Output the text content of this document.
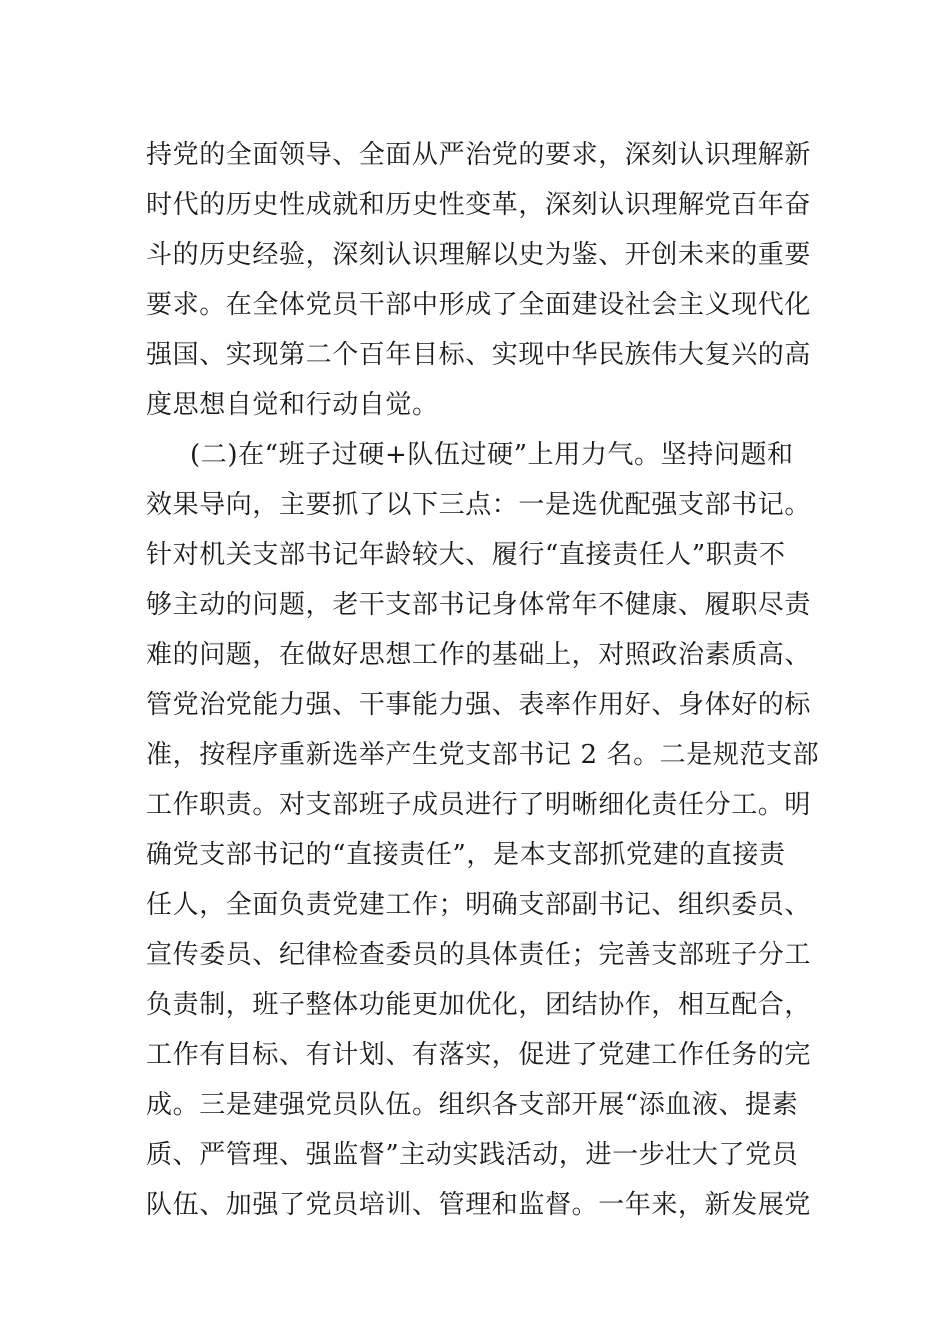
持党的全面领导、全面从严治党的要求，深刻认识理解新
时代的历史性成就和历史性变革，深刻认识理解党百年奋
斗的历史经验，深刻认识理解以史为鉴、开创未来的重要
要求。在全体党员干部中形成了全面建设社会主义现代化
强国、实现第二个百年目标、实现中华民族伟大复兴的高
度思想自觉和行动自觉。
(二)在“班子过硬+队伍过硬”上用力气。坚持问题和
效果导向，主要抓了以下三点：一是选优配强支部书记。
针对机关支部书记年龄较大、履行“直接责任人”职责不
够主动的问题，老干支部书记身体常年不健康、履职尽责
难的问题，在做好思想工作的基础上，对照政治素质高、
管党治党能力强、干事能力强、表率作用好、身体好的标
准，按程序重新选举产生党支部书记 2 名。二是规范支部
工作职责。对支部班子成员进行了明晰细化责任分工。明
确党支部书记的“直接责任”，是本支部抓党建的直接责
任人，全面负责党建工作；明确支部副书记、组织委员、
宣传委员、纪律检查委员的具体责任；完善支部班子分工
负责制，班子整体功能更加优化，团结协作，相互配合，
工作有目标、有计划、有落实，促进了党建工作任务的完
成。三是建强党员队伍。组织各支部开展“添血液、提素
质、严管理、强监督”主动实践活动，进一步壮大了党员
队伍、加强了党员培训、管理和监督。一年来，新发展党
